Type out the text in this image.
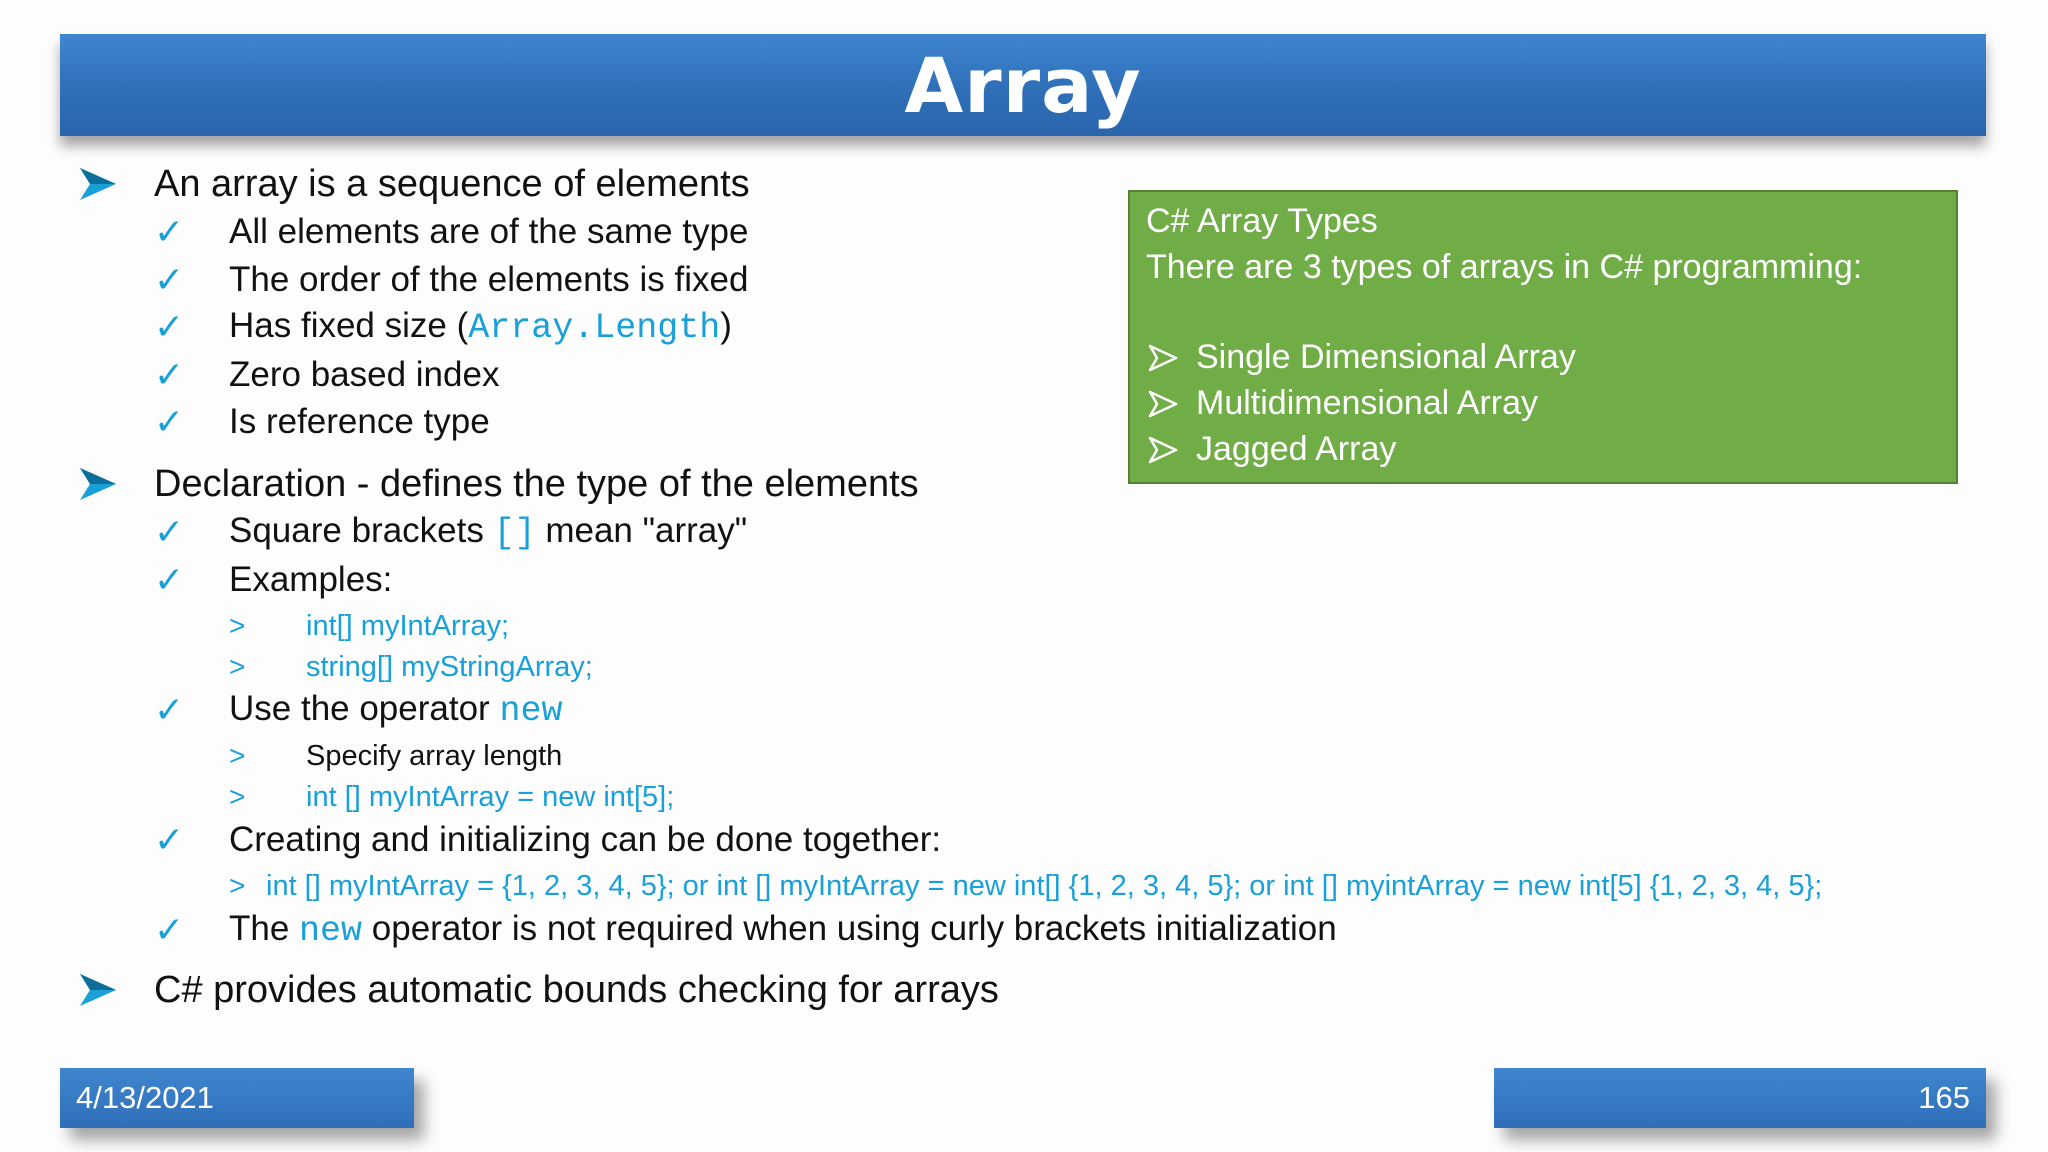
Array
An array is a sequence of elements
✓ All elements are of the same type
✓ The order of the elements is fixed
✓ Has fixed size (Array.Length)
✓ Zero based index
✓ Is reference type
Declaration - defines the type of the elements
✓ Square brackets [] mean "array"
✓ Examples:
> int[] myIntArray;
> string[] myStringArray;
✓ Use the operator new
> Specify array length
> int [] myIntArray = new int[5];
✓ Creating and initializing can be done together:
> int [] myIntArray = {1, 2, 3, 4, 5}; or int [] myIntArray = new int[] {1, 2, 3, 4, 5}; or int [] myintArray = new int[5] {1, 2, 3, 4, 5};
✓ The new operator is not required when using curly brackets initialization
C# provides automatic bounds checking for arrays
C# Array Types
There are 3 types of arrays in C# programming:
Single Dimensional Array
Multidimensional Array
Jagged Array
4/13/2021	165
